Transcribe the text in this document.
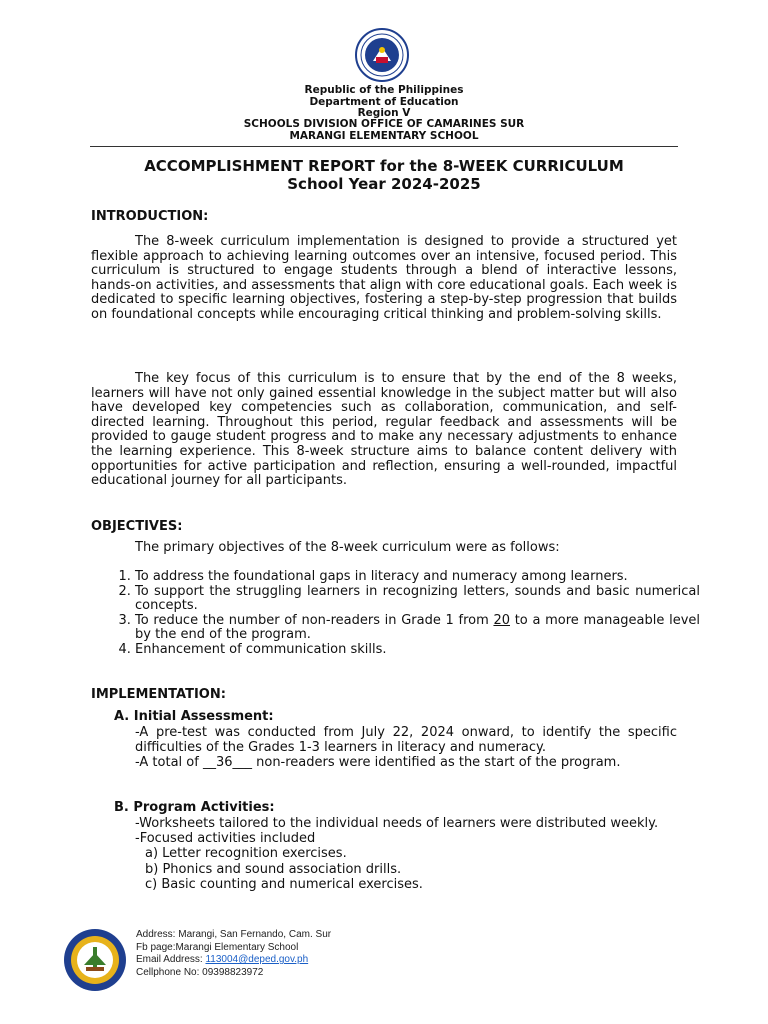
Republic of the Philippines
Department of Education
Region V
SCHOOLS DIVISION OFFICE OF CAMARINES SUR
MARANGI ELEMENTARY SCHOOL
ACCOMPLISHMENT REPORT for the 8-WEEK CURRICULUM
School Year 2024-2025
INTRODUCTION:
The 8-week curriculum implementation is designed to provide a structured yet flexible approach to achieving learning outcomes over an intensive, focused period. This curriculum is structured to engage students through a blend of interactive lessons, hands-on activities, and assessments that align with core educational goals. Each week is dedicated to specific learning objectives, fostering a step-by-step progression that builds on foundational concepts while encouraging critical thinking and problem-solving skills.
The key focus of this curriculum is to ensure that by the end of the 8 weeks, learners will have not only gained essential knowledge in the subject matter but will also have developed key competencies such as collaboration, communication, and self-directed learning. Throughout this period, regular feedback and assessments will be provided to gauge student progress and to make any necessary adjustments to enhance the learning experience. This 8-week structure aims to balance content delivery with opportunities for active participation and reflection, ensuring a well-rounded, impactful educational journey for all participants.
OBJECTIVES:
The primary objectives of the 8-week curriculum were as follows:
1. To address the foundational gaps in literacy and numeracy among learners.
2. To support the struggling learners in recognizing letters, sounds and basic numerical concepts.
3. To reduce the number of non-readers in Grade 1 from 20 to a more manageable level by the end of the program.
4. Enhancement of communication skills.
IMPLEMENTATION:
A. Initial Assessment:
-A pre-test was conducted from July 22, 2024 onward, to identify the specific difficulties of the Grades 1-3 learners in literacy and numeracy.
-A total of __36___ non-readers were identified as the start of the program.
B. Program Activities:
-Worksheets tailored to the individual needs of learners were distributed weekly.
-Focused activities included
a) Letter recognition exercises.
b) Phonics and sound association drills.
c) Basic counting and numerical exercises.
Address: Marangi, San Fernando, Cam. Sur
Fb page:Marangi Elementary School
Email Address: 113004@deped.gov.ph
Cellphone No: 09398823972
